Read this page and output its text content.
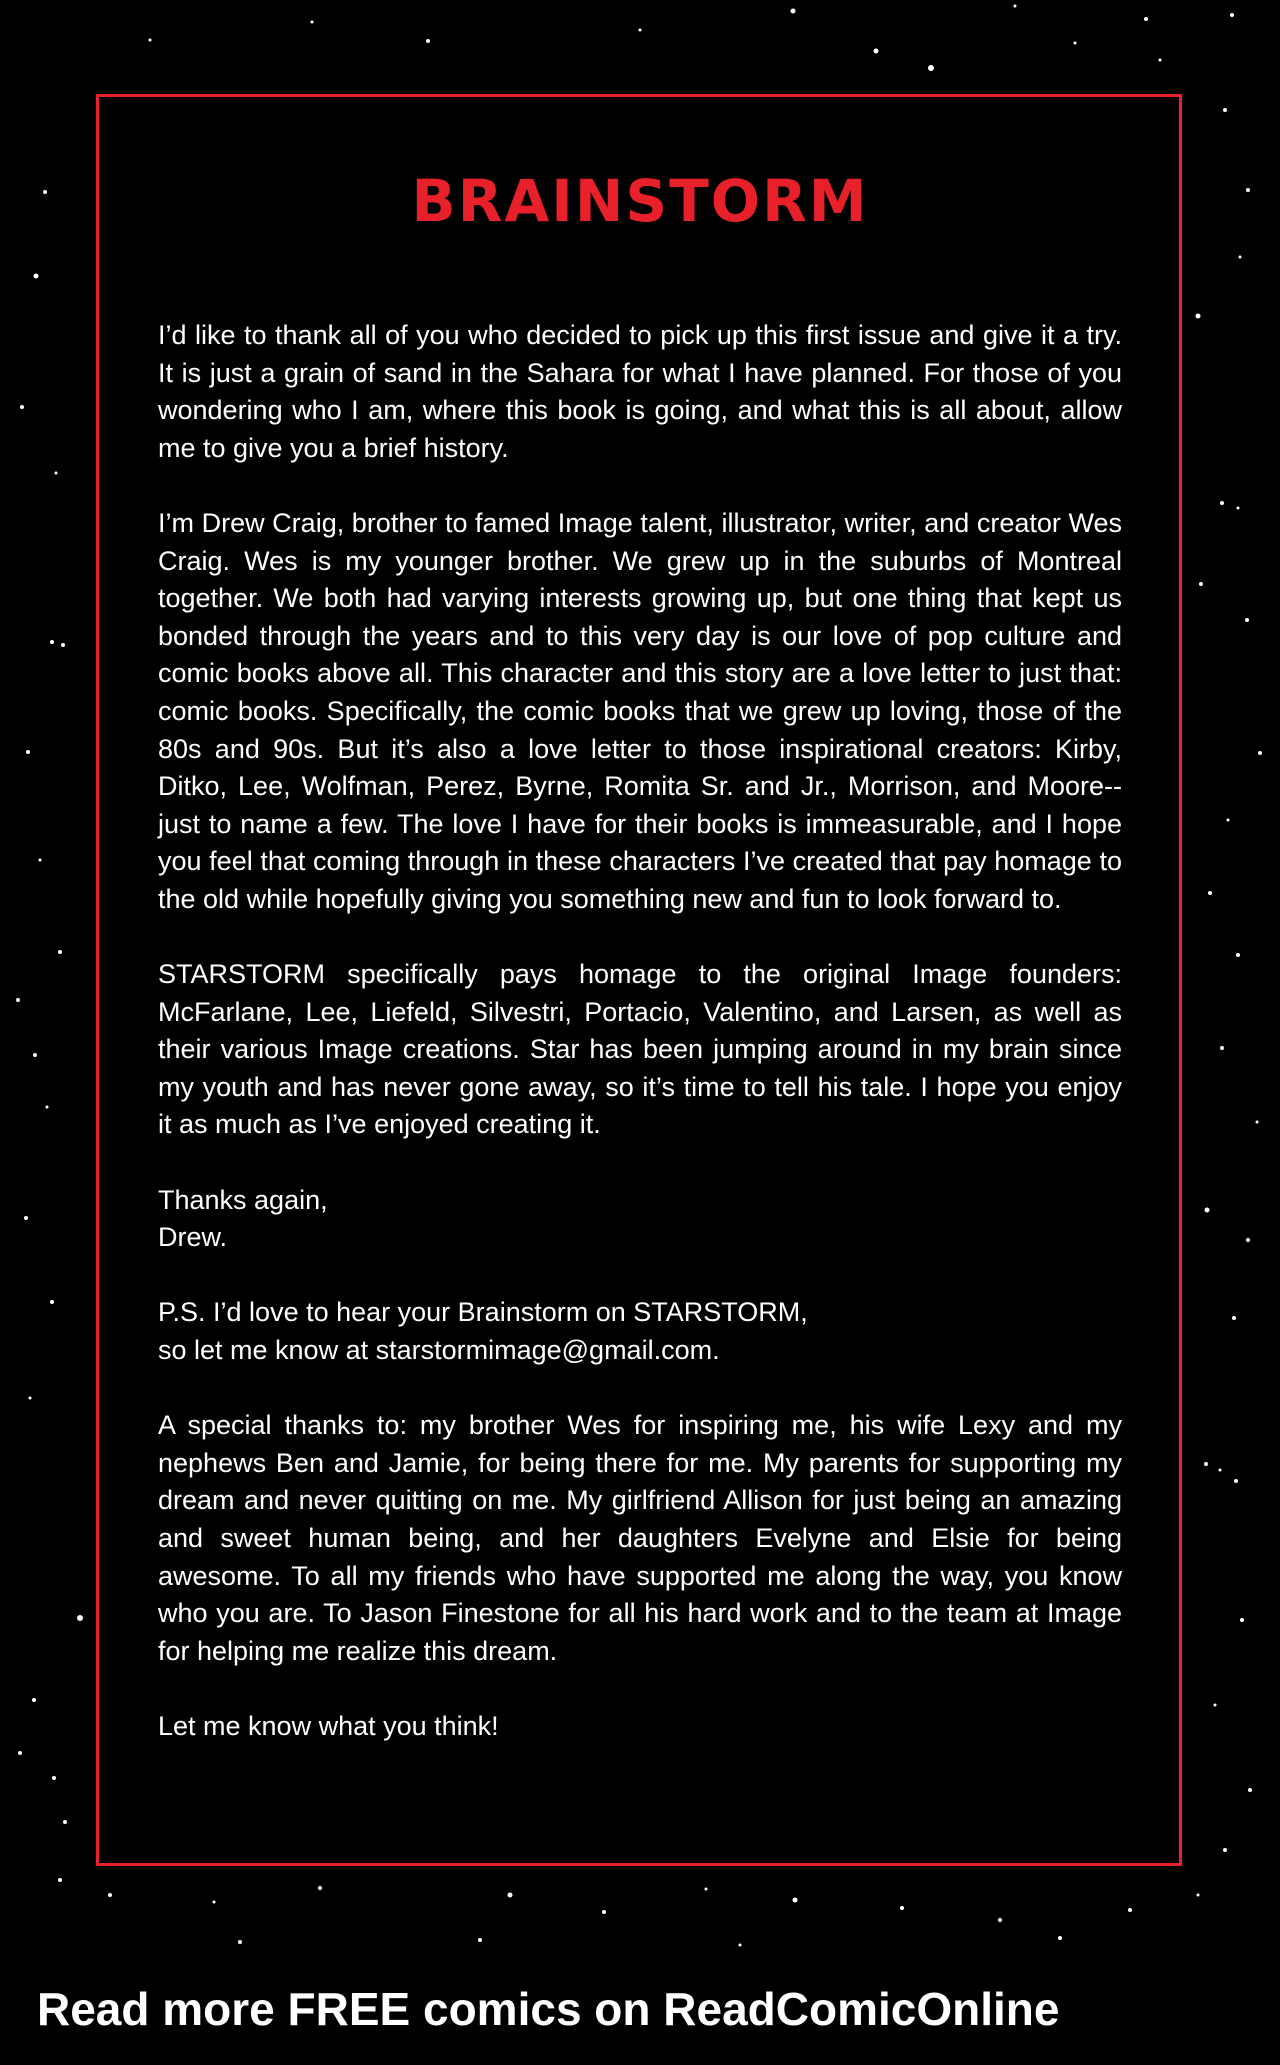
BRAINSTORM

I’d like to thank all of you who decided to pick up this first issue and give it a try. It is just a grain of sand in the Sahara for what I have planned. For those of you wondering who I am, where this book is going, and what this is all about, allow me to give you a brief history.

I’m Drew Craig, brother to famed Image talent, illustrator, writer, and creator Wes Craig. Wes is my younger brother. We grew up in the suburbs of Montreal together. We both had varying interests growing up, but one thing that kept us bonded through the years and to this very day is our love of pop culture and comic books above all. This character and this story are a love letter to just that: comic books. Specifically, the comic books that we grew up loving, those of the 80s and 90s. But it’s also a love letter to those inspirational creators: Kirby, Ditko, Lee, Wolfman, Perez, Byrne, Romita Sr. and Jr., Morrison, and Moore--just to name a few. The love I have for their books is immeasurable, and I hope you feel that coming through in these characters I’ve created that pay homage to the old while hopefully giving you something new and fun to look forward to.

STARSTORM specifically pays homage to the original Image founders: McFarlane, Lee, Liefeld, Silvestri, Portacio, Valentino, and Larsen, as well as their various Image creations. Star has been jumping around in my brain since my youth and has never gone away, so it’s time to tell his tale. I hope you enjoy it as much as I’ve enjoyed creating it.

Thanks again,
Drew.

P.S. I’d love to hear your Brainstorm on STARSTORM,
so let me know at starstormimage@gmail.com.

A special thanks to: my brother Wes for inspiring me, his wife Lexy and my nephews Ben and Jamie, for being there for me. My parents for supporting my dream and never quitting on me. My girlfriend Allison for just being an amazing and sweet human being, and her daughters Evelyne and Elsie for being awesome. To all my friends who have supported me along the way, you know who you are. To Jason Finestone for all his hard work and to the team at Image for helping me realize this dream.

Let me know what you think!

Read more FREE comics on ReadComicOnline
